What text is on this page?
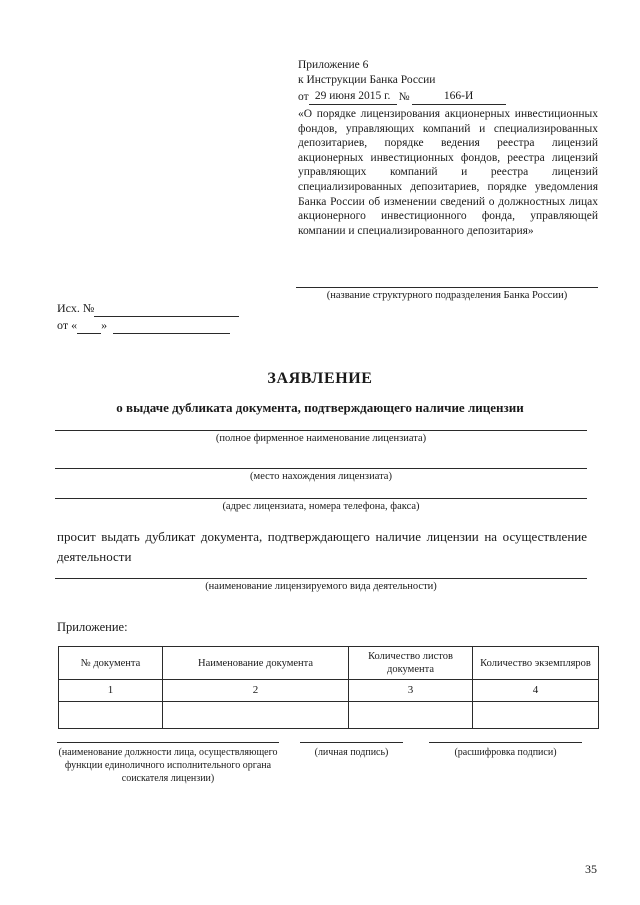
Приложение 6
к Инструкции Банка России
от 29 июня 2015 г. №	166-И
«О порядке лицензирования акционерных инвестиционных фондов, управляющих компаний и специализированных депозитариев, порядке ведения реестра лицензий акционерных инвестиционных фондов, реестра лицензий управляющих компаний и реестра лицензий специализированных депозитариев, порядке уведомления Банка России об изменении сведений о должностных лицах акционерного инвестиционного фонда, управляющей компании и специализированного депозитария»
(название структурного подразделения Банка России)
Исх. №
от « »
ЗАЯВЛЕНИЕ
о выдаче дубликата документа, подтверждающего наличие лицензии
(полное фирменное наименование лицензиата)
(место нахождения лицензиата)
(адрес лицензиата, номера телефона, факса)
просит выдать дубликат документа, подтверждающего наличие лицензии на осуществление деятельности
(наименование лицензируемого вида деятельности)
Приложение:
№ документа	Наименование документа	Количество листов документа	Количество экземпляров
1	2	3	4

(наименование должности лица, осуществляющего функции единоличного исполнительного органа соискателя лицензии)
(личная подпись)	(расшифровка подписи)
35
